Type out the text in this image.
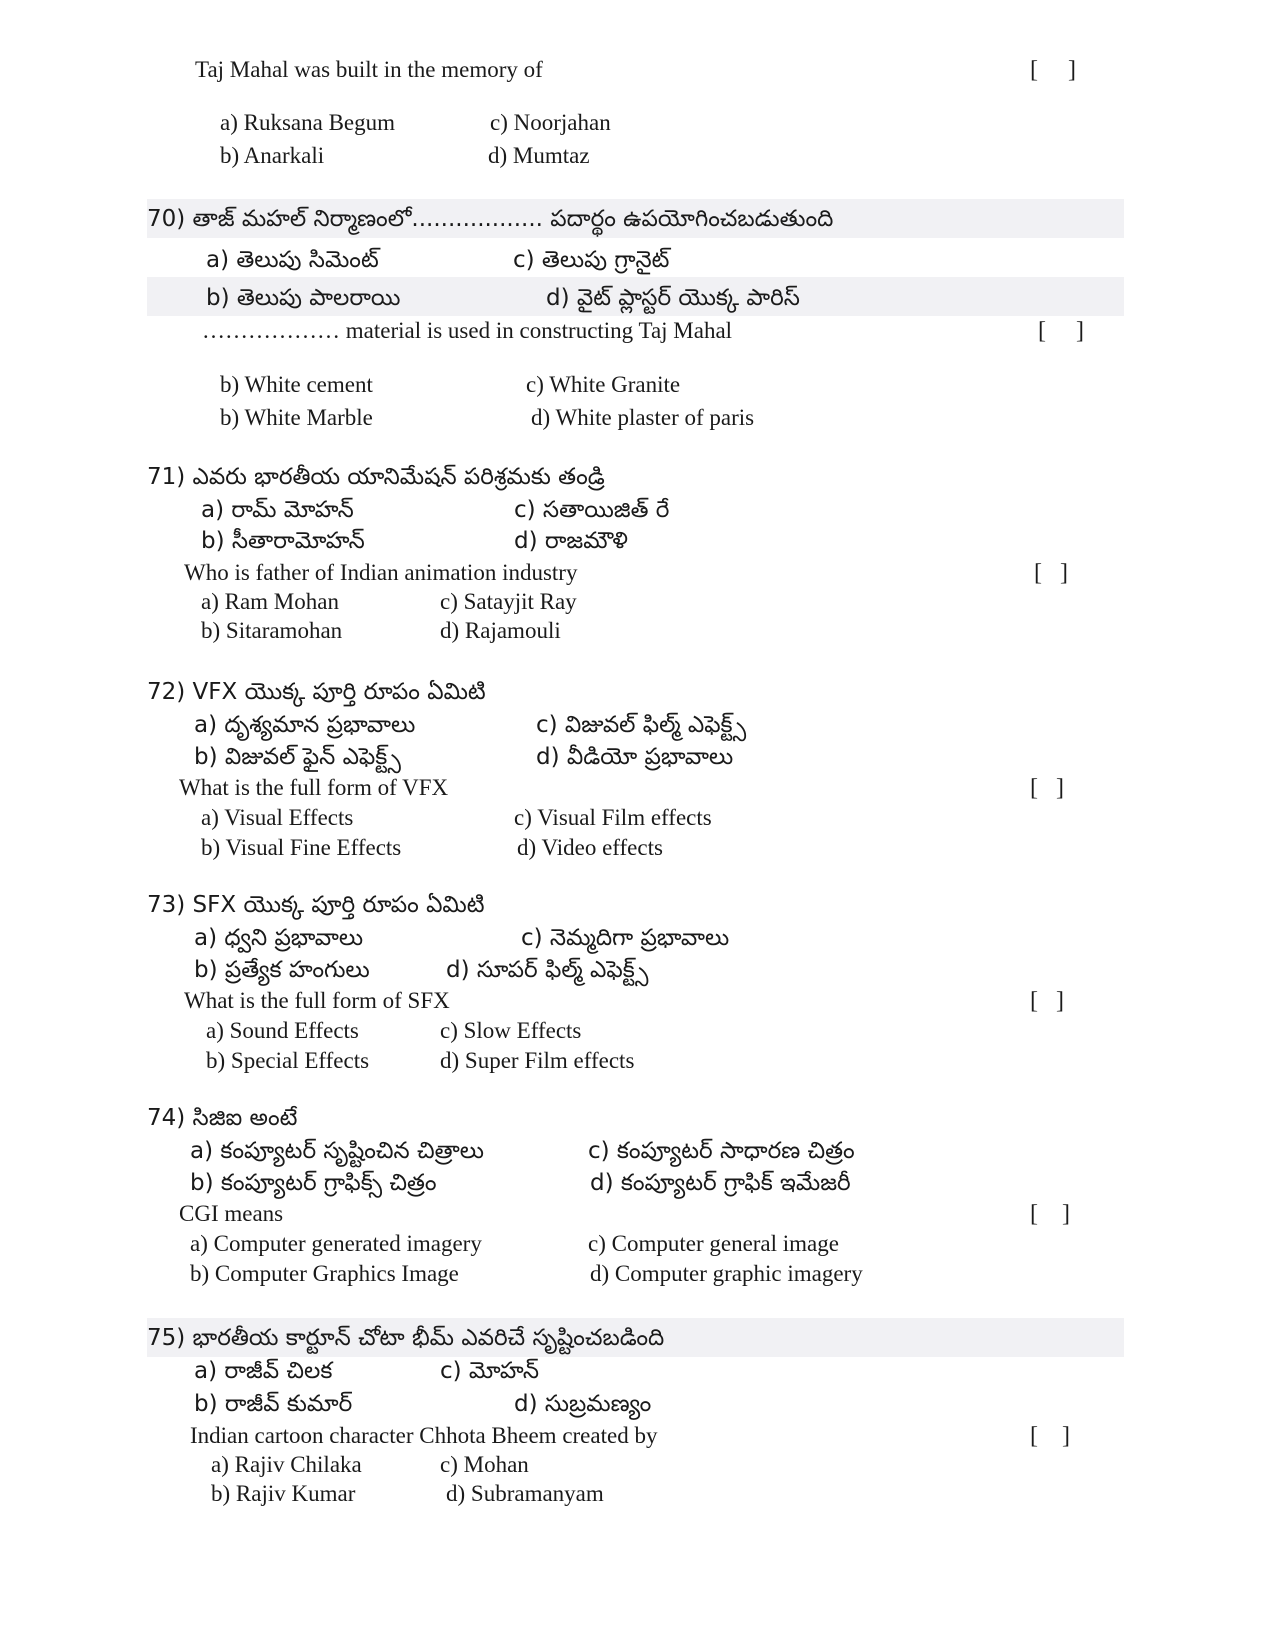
Taj Mahal was built in the memory of	[     ]
a) Ruksana Begum	c) Noorjahan
b) Anarkali	d) Mumtaz
70) తాజ్ మహల్ నిర్మాణంలో.................. పదార్థం ఉపయోగించబడుతుంది
a) తెలుపు సిమెంట్	c) తెలుపు గ్రానైట్
b) తెలుపు పాలరాయి	d) వైట్ ప్లాస్టర్ యొక్క పారిస్
……………… material is used in constructing Taj Mahal	[     ]
b) White cement	c) White Granite
b) White Marble	d) White plaster of paris
71) ఎవరు భారతీయ యానిమేషన్ పరిశ్రమకు తండ్రి
a) రామ్ మోహన్	c) సతాయిజిత్ రే
b) సీతారామోహన్	d) రాజమౌళి
Who is father of Indian animation industry	[   ]
a) Ram Mohan	c) Satayjit Ray
b) Sitaramohan	d) Rajamouli
72) VFX యొక్క పూర్తి రూపం ఏమిటి
a) దృశ్యమాన ప్రభావాలు	c) విజువల్ ఫిల్మ్ ఎఫెక్ట్స్
b) విజువల్ ఫైన్ ఎఫెక్ట్స్	d) వీడియో ప్రభావాలు
What is the full form of VFX	[   ]
a) Visual Effects	c) Visual Film effects
b) Visual Fine Effects	d) Video effects
73) SFX యొక్క పూర్తి రూపం ఏమిటి
a) ధ్వని ప్రభావాలు	c) నెమ్మదిగా ప్రభావాలు
b) ప్రత్యేక హంగులు	d) సూపర్ ఫిల్మ్ ఎఫెక్ట్స్
What is the full form of SFX	[   ]
a) Sound Effects	c) Slow Effects
b) Special Effects	d) Super Film effects
74) సిజిఐ అంటే
a) కంప్యూటర్ సృష్టించిన చిత్రాలు	c) కంప్యూటర్ సాధారణ చిత్రం
b) కంప్యూటర్ గ్రాఫిక్స్ చిత్రం	d) కంప్యూటర్ గ్రాఫిక్ ఇమేజరీ
CGI means	[    ]
a) Computer generated imagery	c) Computer general image
b) Computer Graphics Image	d) Computer graphic imagery
75) భారతీయ కార్టూన్ చోటా భీమ్ ఎవరిచే సృష్టించబడింది
a) రాజీవ్ చిలక	c) మోహన్
b) రాజీవ్ కుమార్	d) సుబ్రమణ్యం
Indian cartoon character Chhota Bheem created by	[    ]
a) Rajiv Chilaka	c) Mohan
b) Rajiv Kumar	d) Subramanyam
